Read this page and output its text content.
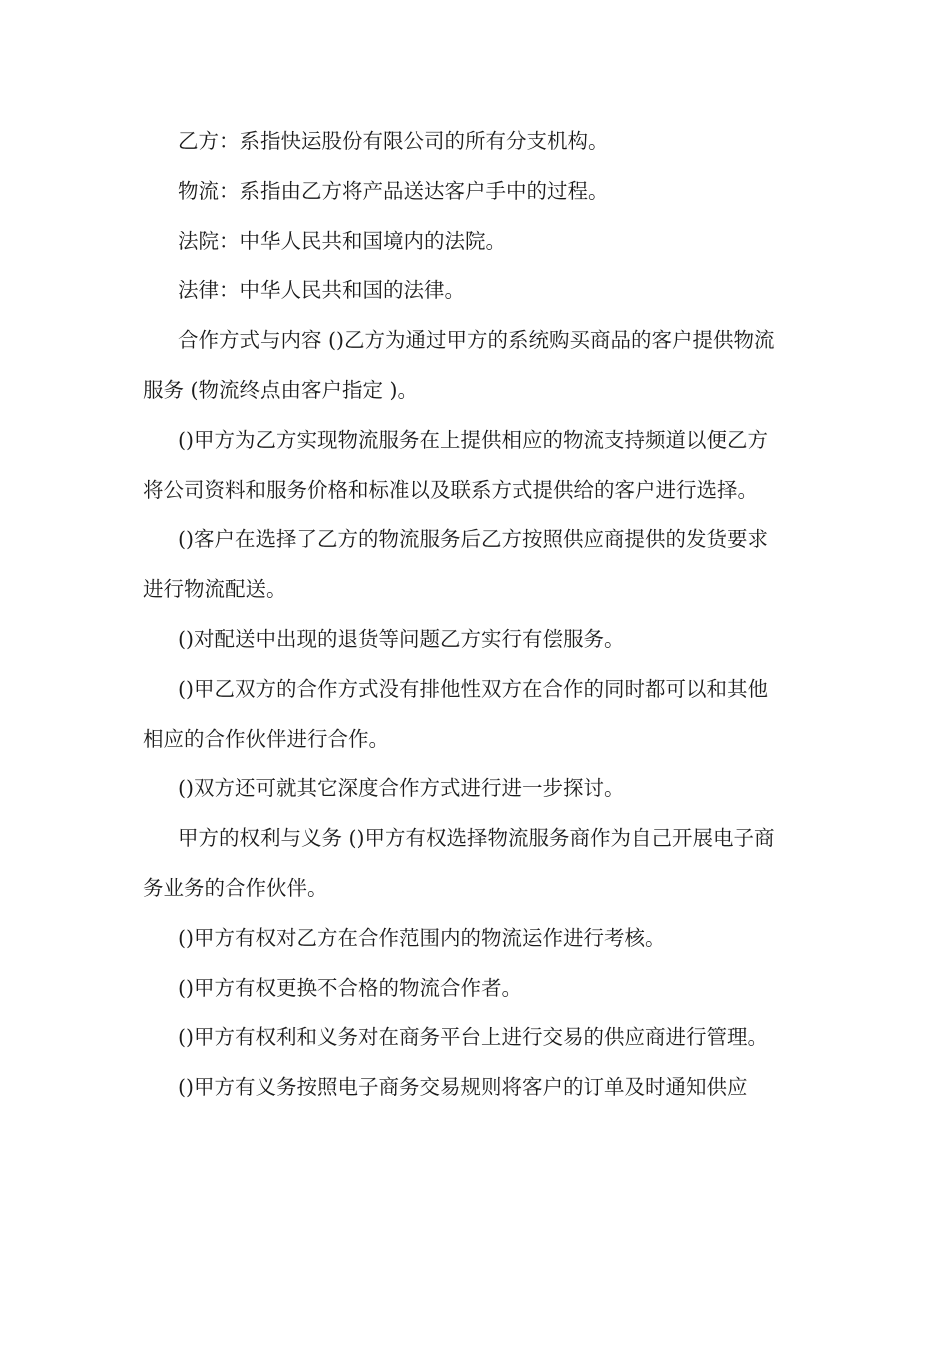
乙方：系指快运股份有限公司的所有分支机构。

物流：系指由乙方将产品送达客户手中的过程。

法院：中华人民共和国境内的法院。

法律：中华人民共和国的法律。

合作方式与内容 ()乙方为通过甲方的系统购买商品的客户提供物流服务 (物流终点由客户指定 )。

()甲方为乙方实现物流服务在上提供相应的物流支持频道以便乙方将公司资料和服务价格和标准以及联系方式提供给的客户进行选择。

()客户在选择了乙方的物流服务后乙方按照供应商提供的发货要求进行物流配送。

()对配送中出现的退货等问题乙方实行有偿服务。

()甲乙双方的合作方式没有排他性双方在合作的同时都可以和其他相应的合作伙伴进行合作。

()双方还可就其它深度合作方式进行进一步探讨。

甲方的权利与义务 ()甲方有权选择物流服务商作为自己开展电子商务业务的合作伙伴。

()甲方有权对乙方在合作范围内的物流运作进行考核。

()甲方有权更换不合格的物流合作者。

()甲方有权利和义务对在商务平台上进行交易的供应商进行管理。

()甲方有义务按照电子商务交易规则将客户的订单及时通知供应
